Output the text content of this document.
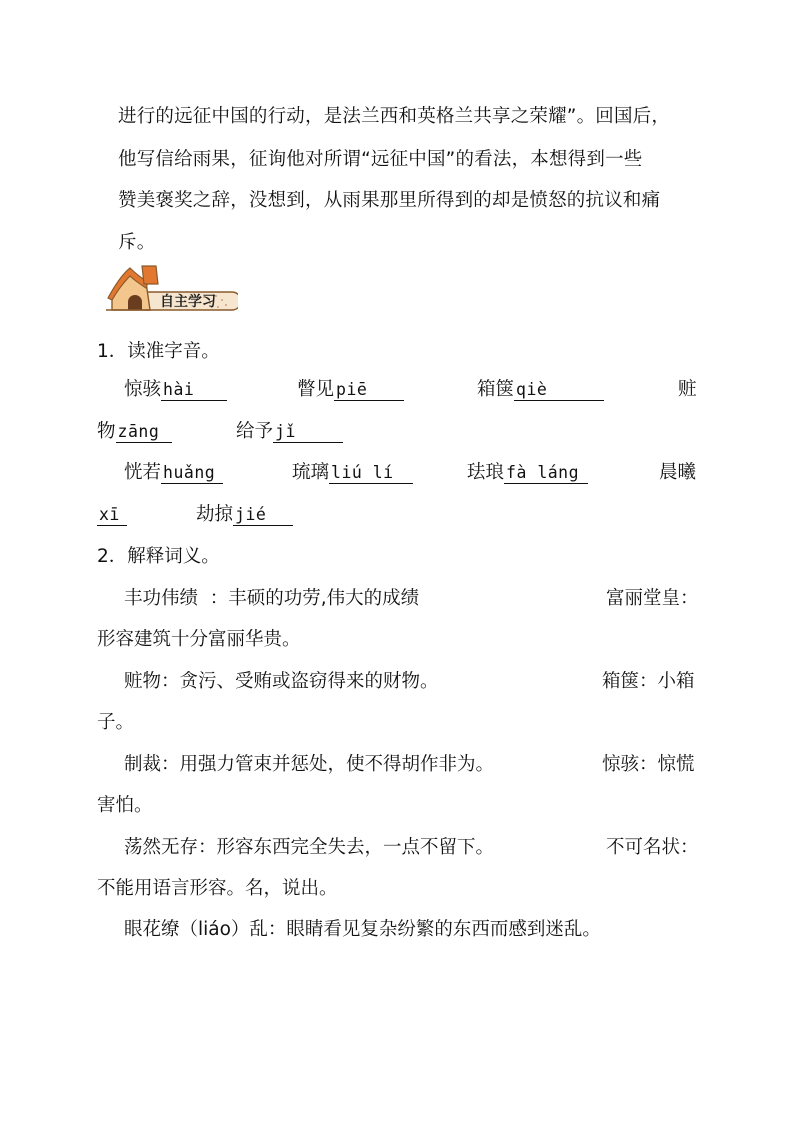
进行的远征中国的行动，是法兰西和英格兰共享之荣耀”。回国后，
他写信给雨果，征询他对所谓“远征中国”的看法，本想得到一些
赞美褒奖之辞，没想到，从雨果那里所得到的却是愤怒的抗议和痛
斥。
自主学习
1．读准字音。
惊骇 hài	瞥见 piē	箱箧 qiè	赃
物 zāng	给予 jǐ
恍若 huǎng	琉璃 liú lí	珐琅 fà láng	晨曦
xī	劫掠 jié
2．解释词义。
丰功伟绩  ：丰硕的功劳,伟大的成绩	富丽堂皇：
形容建筑十分富丽华贵。
赃物：贪污、受贿或盗窃得来的财物。	箱箧：小箱
子。
制裁：用强力管束并惩处，使不得胡作非为。	惊骇：惊慌
害怕。
荡然无存：形容东西完全失去，一点不留下。	不可名状：
不能用语言形容。名，说出。
眼花缭（liáo）乱：眼睛看见复杂纷繁的东西而感到迷乱。
